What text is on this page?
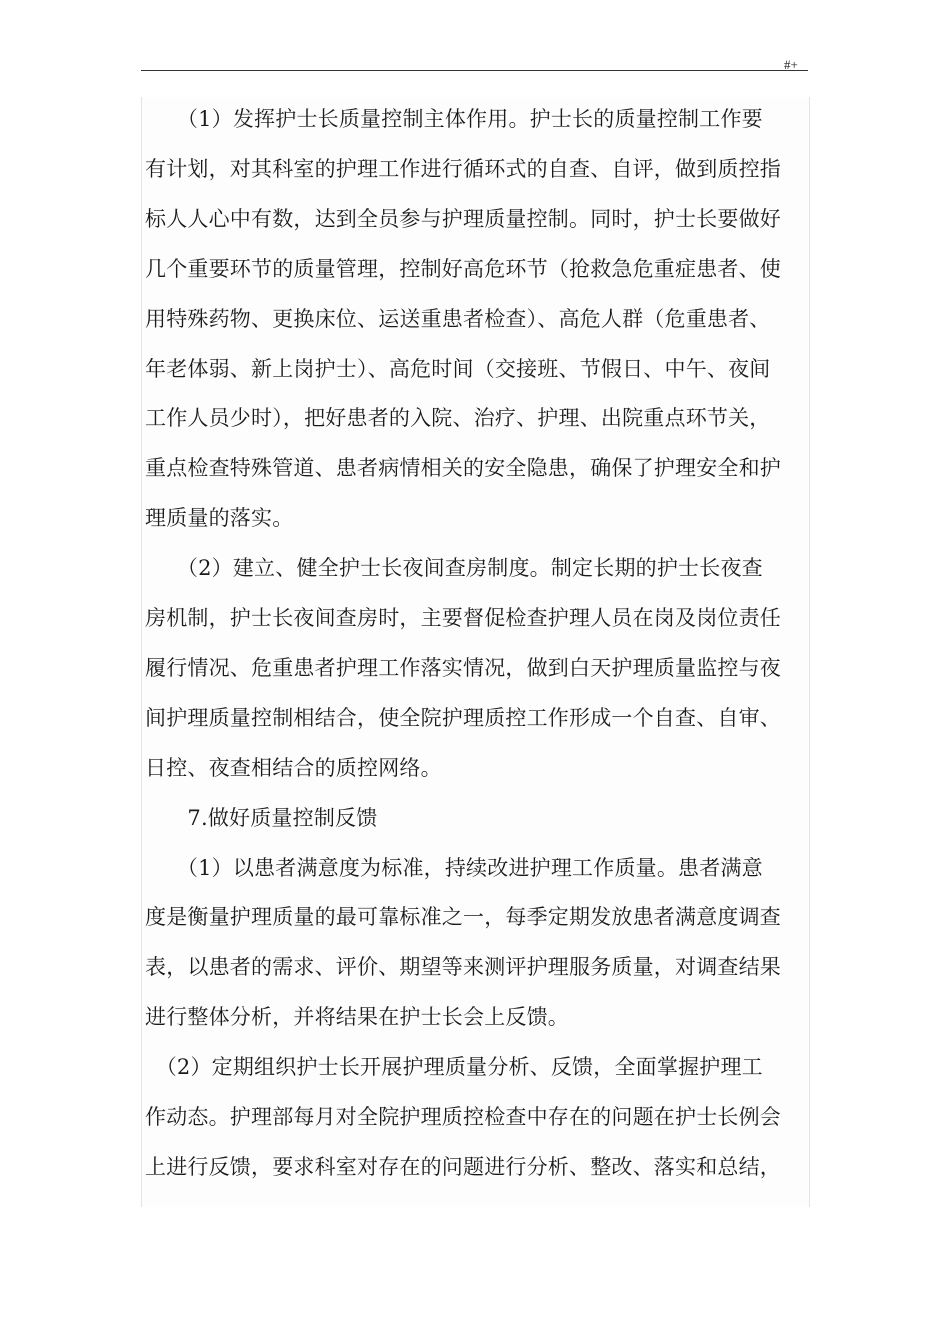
#+
　　（1）发挥护士长质量控制主体作用。护士长的质量控制工作要
有计划，对其科室的护理工作进行循环式的自查、自评，做到质控指
标人人心中有数，达到全员参与护理质量控制。同时，护士长要做好
几个重要环节的质量管理，控制好高危环节（抢救急危重症患者、使
用特殊药物、更换床位、运送重患者检查）、高危人群（危重患者、
年老体弱、新上岗护士）、高危时间（交接班、节假日、中午、夜间
工作人员少时），把好患者的入院、治疗、护理、出院重点环节关，
重点检查特殊管道、患者病情相关的安全隐患，确保了护理安全和护
理质量的落实。
　　（2）建立、健全护士长夜间查房制度。制定长期的护士长夜查
房机制，护士长夜间查房时，主要督促检查护理人员在岗及岗位责任
履行情况、危重患者护理工作落实情况，做到白天护理质量监控与夜
间护理质量控制相结合，使全院护理质控工作形成一个自查、自审、
日控、夜查相结合的质控网络。
　　7.做好质量控制反馈
　　（1）以患者满意度为标准，持续改进护理工作质量。患者满意
度是衡量护理质量的最可靠标准之一，每季定期发放患者满意度调查
表，以患者的需求、评价、期望等来测评护理服务质量，对调查结果
进行整体分析，并将结果在护士长会上反馈。
　（2）定期组织护士长开展护理质量分析、反馈，全面掌握护理工
作动态。护理部每月对全院护理质控检查中存在的问题在护士长例会
上进行反馈，要求科室对存在的问题进行分析、整改、落实和总结，
